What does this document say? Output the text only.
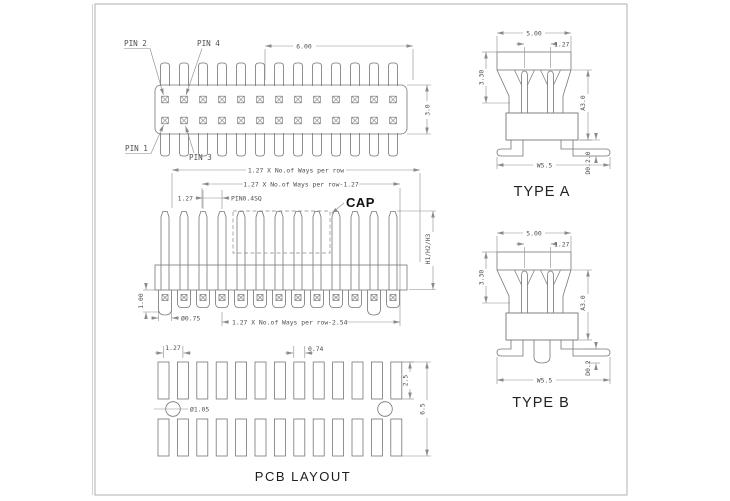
6.00
3.0
PIN 2	PIN 4
PIN 1
PIN 3
CAP
1.27 X No.of Ways per row
1.27 X No.of Ways per row-1.27
1.27	PIN0.4SQ
H1/H2/H3
1.00
Ø0.75	1.27 X No.of Ways per row-2.54
Ø1.05
1.27	0.74
2.5
6.5
PCB LAYOUT
5.00
1.27
3.30
A3.0
W5.5	D0.2.0
TYPE A
5.00
1.27
3.30
A3.0
W5.5
D0.2
TYPE B
